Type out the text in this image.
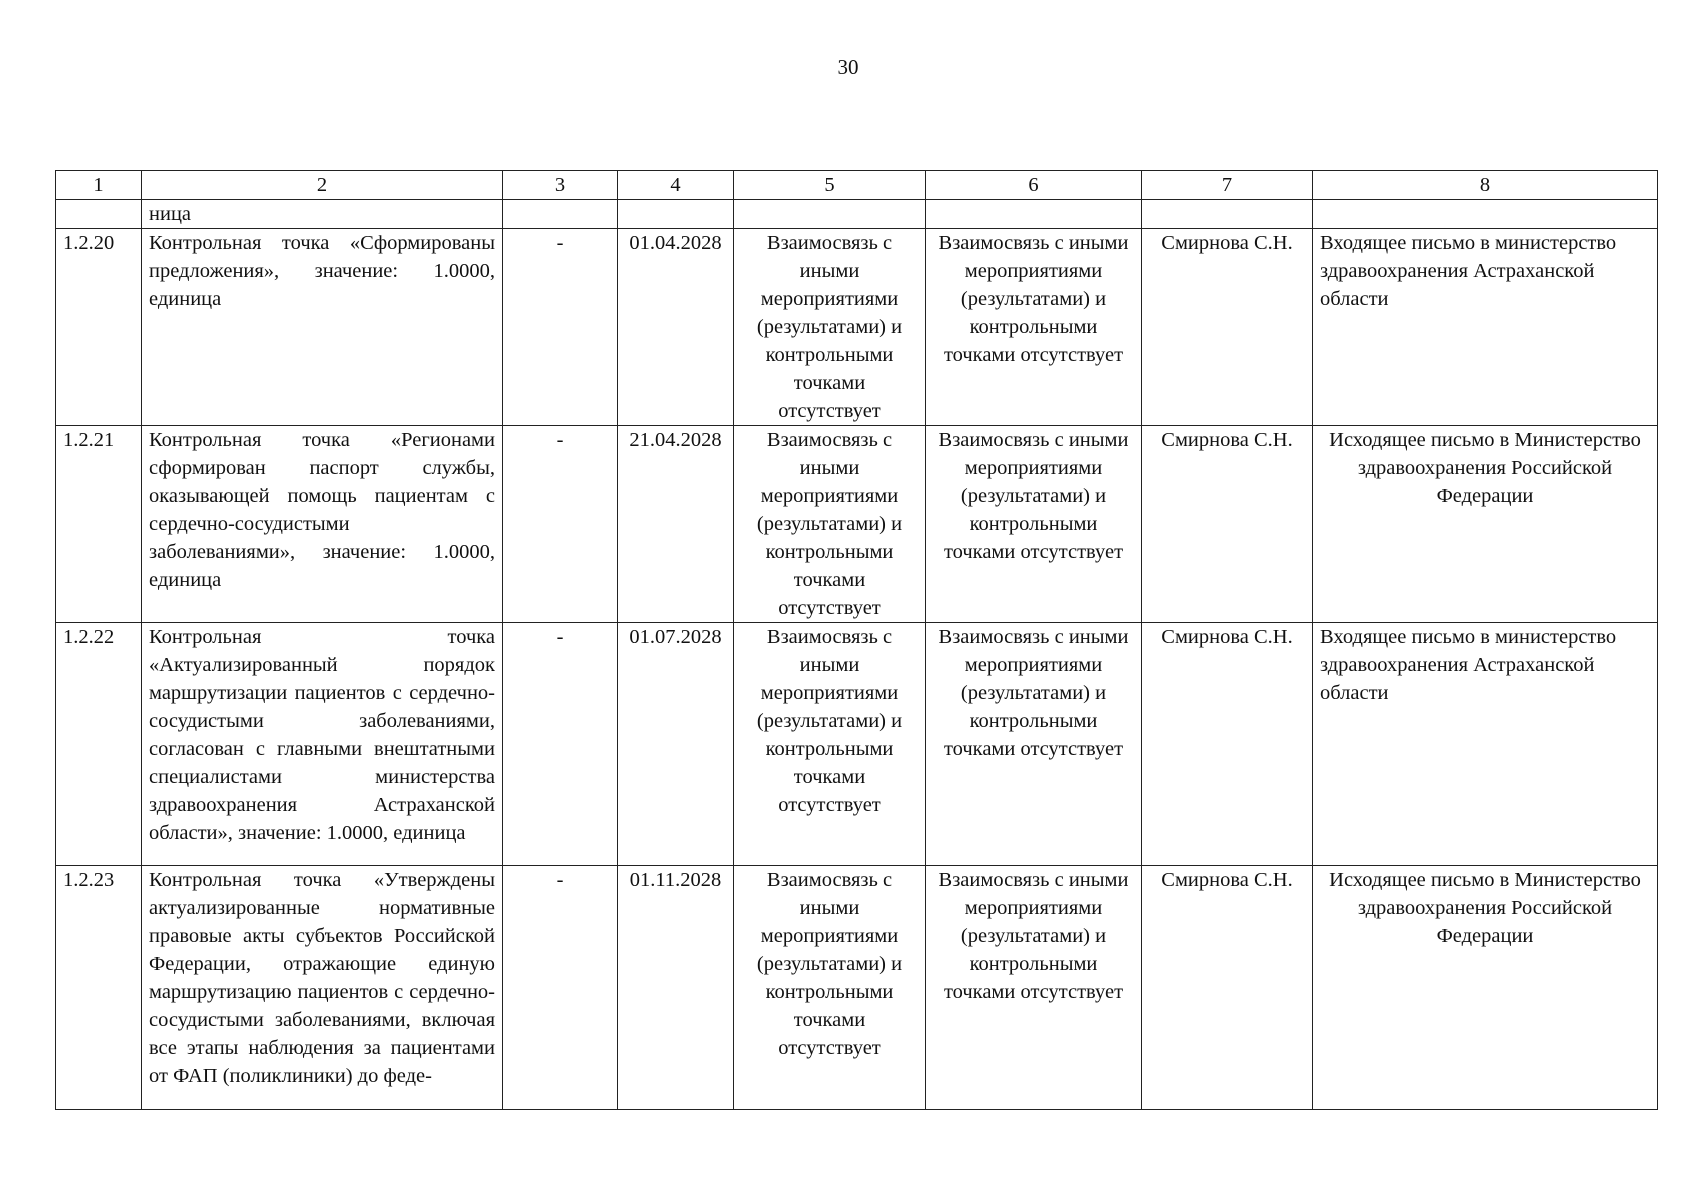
30
1	2	3	4	5	6	7	8
	ница						
1.2.20	Контрольная точка «Сформированы предложения», значение: 1.0000, единица	-	01.04.2028	Взаимосвязь с иными мероприятиями (результатами) и контрольными точками отсутствует	Взаимосвязь с иными мероприятиями (результатами) и контрольными точками отсутствует	Смирнова С.Н.	Входящее письмо в министерство здравоохранения Астраханской области
1.2.21	Контрольная точка «Регионами сформирован паспорт службы, оказывающей помощь пациентам с сердечно-сосудистыми заболеваниями», значение: 1.0000, единица	-	21.04.2028	Взаимосвязь с иными мероприятиями (результатами) и контрольными точками отсутствует	Взаимосвязь с иными мероприятиями (результатами) и контрольными точками отсутствует	Смирнова С.Н.	Исходящее письмо в Министерство здравоохранения Российской Федерации
1.2.22	Контрольная точка «Актуализированный порядок маршрутизации пациентов с сердечно-сосудистыми заболеваниями, согласован с главными внештатными специалистами министерства здравоохранения Астраханской области», значение: 1.0000, единица	-	01.07.2028	Взаимосвязь с иными мероприятиями (результатами) и контрольными точками отсутствует	Взаимосвязь с иными мероприятиями (результатами) и контрольными точками отсутствует	Смирнова С.Н.	Входящее письмо в министерство здравоохранения Астраханской области
1.2.23	Контрольная точка «Утверждены актуализированные нормативные правовые акты субъектов Российской Федерации, отражающие единую маршрутизацию пациентов с сердечно-сосудистыми заболеваниями, включая все этапы наблюдения за пациентами от ФАП (поликлиники) до феде-	-	01.11.2028	Взаимосвязь с иными мероприятиями (результатами) и контрольными точками отсутствует	Взаимосвязь с иными мероприятиями (результатами) и контрольными точками отсутствует	Смирнова С.Н.	Исходящее письмо в Министерство здравоохранения Российской Федерации
